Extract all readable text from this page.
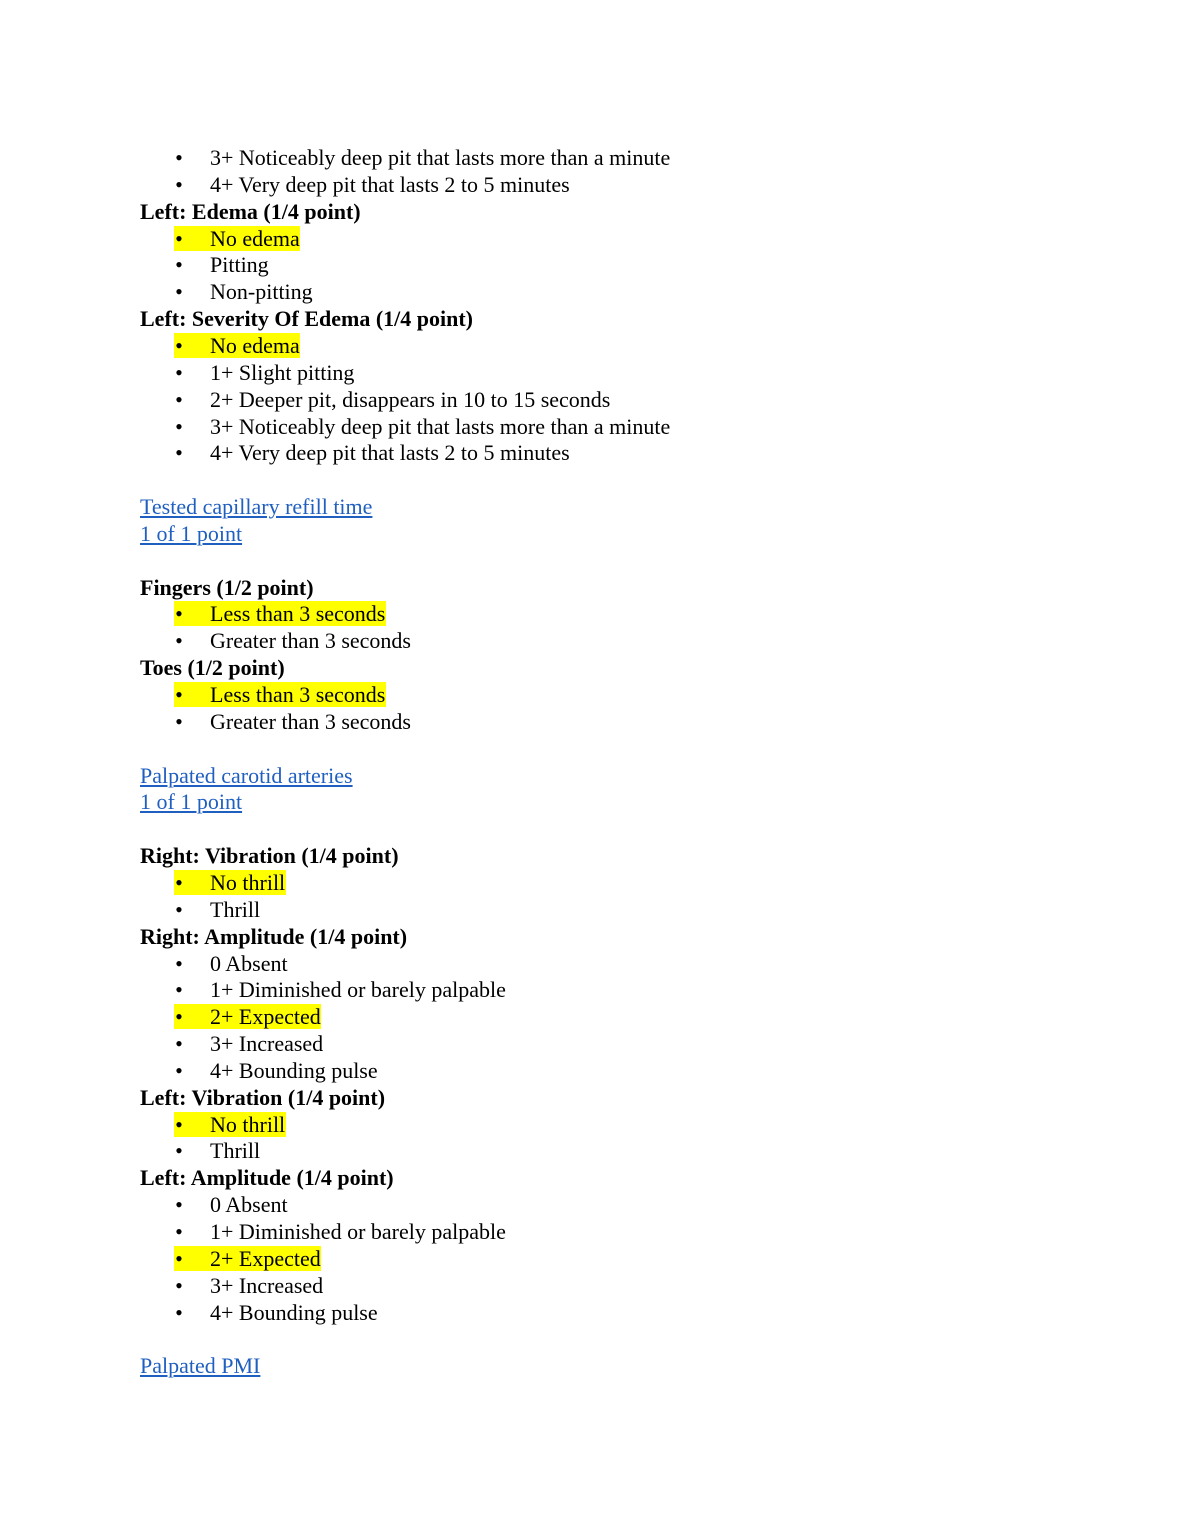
• 3+ Noticeably deep pit that lasts more than a minute
• 4+ Very deep pit that lasts 2 to 5 minutes
Left: Edema (1/4 point)
• No edema
• Pitting
• Non-pitting
Left: Severity Of Edema (1/4 point)
• No edema
• 1+ Slight pitting
• 2+ Deeper pit, disappears in 10 to 15 seconds
• 3+ Noticeably deep pit that lasts more than a minute
• 4+ Very deep pit that lasts 2 to 5 minutes
Tested capillary refill time
1 of 1 point
Fingers (1/2 point)
• Less than 3 seconds
• Greater than 3 seconds
Toes (1/2 point)
• Less than 3 seconds
• Greater than 3 seconds
Palpated carotid arteries
1 of 1 point
Right: Vibration (1/4 point)
• No thrill
• Thrill
Right: Amplitude (1/4 point)
• 0 Absent
• 1+ Diminished or barely palpable
• 2+ Expected
• 3+ Increased
• 4+ Bounding pulse
Left: Vibration (1/4 point)
• No thrill
• Thrill
Left: Amplitude (1/4 point)
• 0 Absent
• 1+ Diminished or barely palpable
• 2+ Expected
• 3+ Increased
• 4+ Bounding pulse
Palpated PMI
